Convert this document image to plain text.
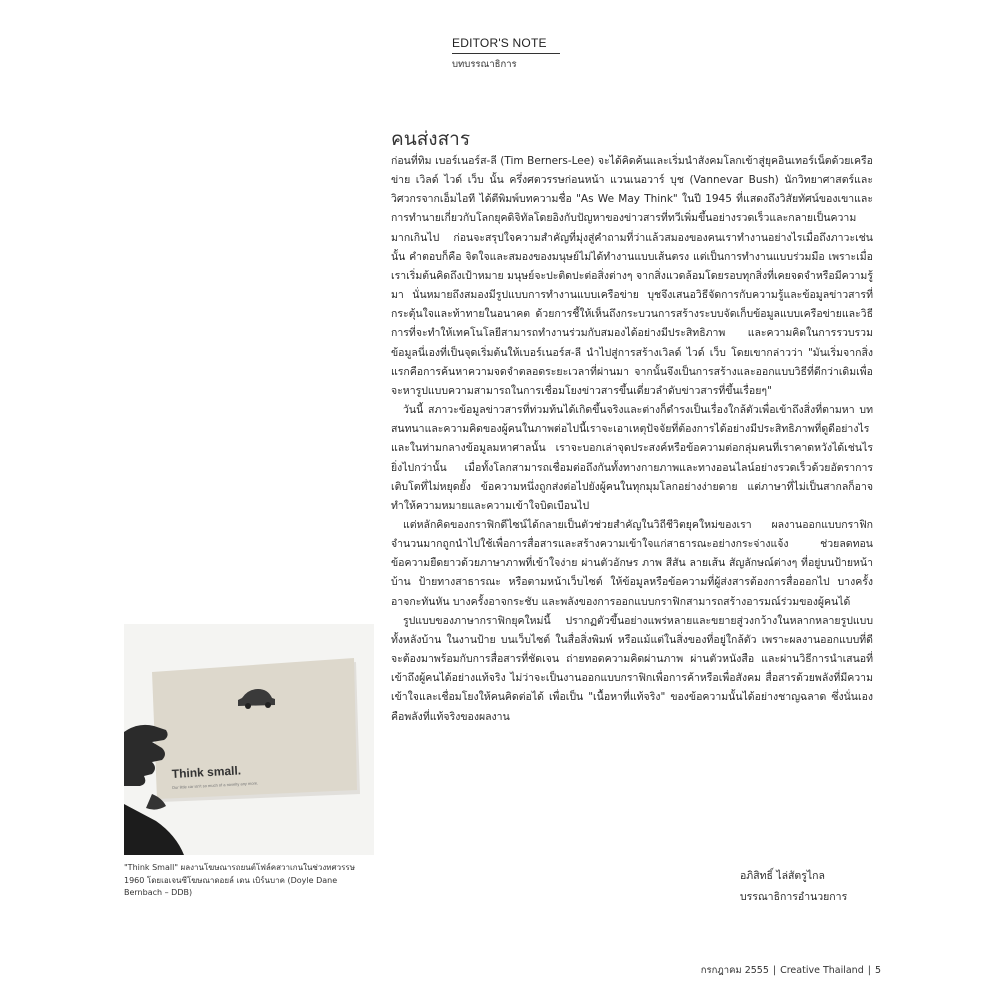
EDITOR'S NOTE
บทบรรณาธิการ
คนส่งสาร

ก่อนที่ทิม เบอร์เนอร์ส-ลี (Tim Berners-Lee) จะได้คิดค้นและเริ่มนำสังคมโลกเข้าสู่ยุคอินเทอร์เน็ตด้วยเครือข่าย เวิลด์ ไวด์ เว็บ นั้น ครึ่งศตวรรษก่อนหน้า แวนเนอวาร์ บุช (Vannevar Bush) นักวิทยาศาสตร์และวิศวกรจากเอ็มไอที ได้ตีพิมพ์บทความชื่อ "As We May Think" ในปี 1945 ที่แสดงถึงวิสัยทัศน์ของเขาและการทำนายเกี่ยวกับโลกยุคดิจิทัลโดยอิงกับปัญหาของข่าวสารที่ทวีเพิ่มขึ้นอย่างรวดเร็วและกลายเป็นความมากเกินไป ก่อนจะสรุปใจความสำคัญที่มุ่งสู่คำถามที่ว่าแล้วสมองของคนเราทำงานอย่างไรเมื่อถึงภาวะเช่นนั้น คำตอบก็คือ จิตใจและสมองของมนุษย์ไม่ได้ทำงานแบบเส้นตรง แต่เป็นการทำงานแบบร่วมมือ เพราะเมื่อเราเริ่มต้นคิดถึงเป้าหมาย มนุษย์จะปะติดปะต่อสิ่งต่างๆ จากสิ่งแวดล้อมโดยรอบทุกสิ่งที่เคยจดจำหรือมีความรู้มา นั่นหมายถึงสมองมีรูปแบบการทำงานแบบเครือข่าย บุชจึงเสนอวิธีจัดการกับความรู้และข้อมูลข่าวสารที่กระตุ้นใจและท้าทายในอนาคต ด้วยการชี้ให้เห็นถึงกระบวนการสร้างระบบจัดเก็บข้อมูลแบบเครือข่ายและวิธีการที่จะทำให้เทคโนโลยีสามารถทำงานร่วมกับสมองได้อย่างมีประสิทธิภาพ และความคิดในการรวบรวมข้อมูลนี่เองที่เป็นจุดเริ่มต้นให้เบอร์เนอร์ส-ลี นำไปสู่การสร้างเวิลด์ ไวด์ เว็บ โดยเขากล่าวว่า "มันเริ่มจากสิ่งแรกคือการค้นหาความจดจำตลอดระยะเวลาที่ผ่านมา จากนั้นจึงเป็นการสร้างและออกแบบวิธีที่ดีกว่าเดิมเพื่อจะหารูปแบบความสามารถในการเชื่อมโยงข่าวสารขึ้นเดี่ยวลำดับข่าวสารที่ขึ้นเรื่อยๆ"

วันนี้ สภาวะข้อมูลข่าวสารที่ท่วมท้นได้เกิดขึ้นจริงและต่างก็ดำรงเป็นเรื่องใกล้ตัวเพื่อเข้าถึงสิ่งที่ตามหา บทสนทนาและความคิดของผู้คนในภาพต่อไปนี้เราจะเอาเหตุปัจจัยที่ต้องการได้อย่างมีประสิทธิภาพที่ดูดีอย่างไร และในท่ามกลางข้อมูลมหาศาลนั้น เราจะบอกเล่าจุดประสงค์หรือข้อความต่อกลุ่มคนที่เราคาดหวังได้เช่นไร ยิ่งไปกว่านั้น เมื่อทั้งโลกสามารถเชื่อมต่อถึงกันทั้งทางกายภาพและทางออนไลน์อย่างรวดเร็วด้วยอัตราการเติบโตที่ไม่หยุดยั้ง ข้อความหนึ่งถูกส่งต่อไปยังผู้คนในทุกมุมโลกอย่างง่ายดาย แต่ภาษาที่ไม่เป็นสากลก็อาจทำให้ความหมายและความเข้าใจบิดเบือนไป

แต่หลักคิดของกราฟิกดีไซน์ได้กลายเป็นตัวช่วยสำคัญในวิถีชีวิตยุคใหม่ของเรา ผลงานออกแบบกราฟิกจำนวนมากถูกนำไปใช้เพื่อการสื่อสารและสร้างความเข้าใจแก่สาธารณะอย่างกระจ่างแจ้ง ช่วยลดทอนข้อความยืดยาวด้วยภาษาภาพที่เข้าใจง่าย ผ่านตัวอักษร ภาพ สีสัน ลายเส้น สัญลักษณ์ต่างๆ ที่อยู่บนป้ายหน้าบ้าน ป้ายทางสาธารณะ หรือตามหน้าเว็บไซต์ ให้ข้อมูลหรือข้อความที่ผู้ส่งสารต้องการสื่อออกไป บางครั้งอาจกะทันหัน บางครั้งอาจกระชับ และพลังของการออกแบบกราฟิกสามารถสร้างอารมณ์ร่วมของผู้คนได้

รูปแบบของภาษากราฟิกยุคใหม่นี้ ปรากฏตัวขึ้นอย่างแพร่หลายและขยายสู่วงกว้างในหลากหลายรูปแบบ ทั้งหลังบ้าน ในงานป้าย บนเว็บไซต์ ในสื่อสิ่งพิมพ์ หรือแม้แต่ในสิ่งของที่อยู่ใกล้ตัว เพราะผลงานออกแบบที่ดีจะต้องมาพร้อมกับการสื่อสารที่ชัดเจน ถ่ายทอดความคิดผ่านภาพ ผ่านตัวหนังสือ และผ่านวิธีการนำเสนอที่เข้าถึงผู้คนได้อย่างแท้จริง ไม่ว่าจะเป็นงานออกแบบกราฟิกเพื่อการค้าหรือเพื่อสังคม สื่อสารด้วยพลังที่มีความเข้าใจและเชื่อมโยงให้คนคิดต่อได้ เพื่อเป็น "เนื้อหาที่แท้จริง" ของข้อความนั้นได้อย่างชาญฉลาด ซึ่งนั่นเองคือพลังที่แท้จริงของผลงาน

Think small.
Our little car isn't so much of a novelty any more.
"Think Small" ผลงานโฆษณารถยนต์โฟล์คสวาเกนในช่วงทศวรรษ 1960 โดยเอเจนซีโฆษณาดอยล์ เดน เบิร์นบาค (Doyle Dane Bernbach – DDB)
อภิสิทธิ์ ไล่สัตรูไกล
บรรณาธิการอำนวยการ
กรกฎาคม 2555 | Creative Thailand | 5
